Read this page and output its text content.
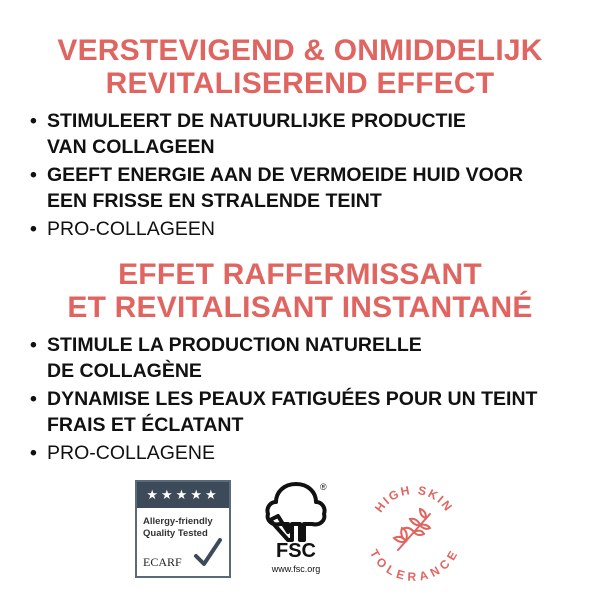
VERSTEVIGEND & ONMIDDELIJK
REVITALISEREND EFFECT
• STIMULEERT DE NATUURLIJKE PRODUCTIE
VAN COLLAGEEN
• GEEFT ENERGIE AAN DE VERMOEIDE HUID VOOR
EEN FRISSE EN STRALENDE TEINT
• PRO-COLLAGEEN
EFFET RAFFERMISSANT
ET REVITALISANT INSTANTANÉ
• STIMULE LA PRODUCTION NATURELLE
DE COLLAGÈNE
• DYNAMISE LES PEAUX FATIGUÉES POUR UN TEINT
FRAIS ET ÉCLATANT
• PRO-COLLAGENE
★★★★★
Allergy-friendly
Quality Tested
ECARF
®
FSC
www.fsc.org
HIGH SKIN
TOLERANCE
